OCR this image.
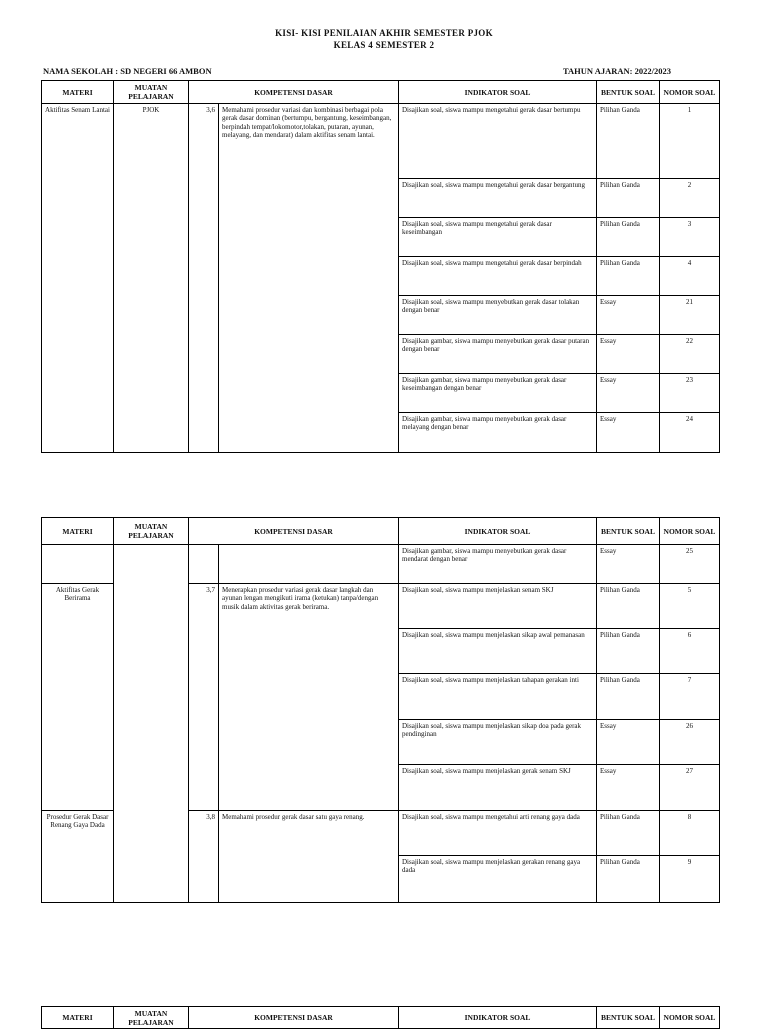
KISI- KISI PENILAIAN AKHIR SEMESTER PJOK
KELAS 4 SEMESTER 2
NAMA SEKOLAH : SD NEGERI 66 AMBON	TAHUN AJARAN: 2022/2023
MATERI	MUATAN PELAJARAN	KOMPETENSI DASAR		INDIKATOR SOAL	BENTUK SOAL	NOMOR SOAL
Aktifitas Senam Lantai	PJOK	3,6	Memahami prosedur variasi dan kombinasi berbagai pola gerak dasar dominan (bertumpu, bergantung, keseimbangan, berpindah tempat/lokomotor,tolakan, putaran, ayunan, melayang, dan mendarat) dalam aktifitas senam lantai.	Disajikan soal, siswa mampu mengetahui gerak dasar bertumpu	Pilihan Ganda	1
				Disajikan soal, siswa mampu mengetahui gerak dasar bergantung	Pilihan Ganda	2
				Disajikan soal, siswa mampu mengetahui gerak dasar keseimbangan	Pilihan Ganda	3
				Disajikan soal, siswa mampu mengetahui gerak dasar berpindah	Pilihan Ganda	4
				Disajikan soal, siswa mampu menyebutkan gerak dasar tolakan dengan benar	Essay	21
				Disajikan gambar, siswa mampu menyebutkan gerak dasar putaran dengan benar	Essay	22
				Disajikan gambar, siswa mampu menyebutkan gerak dasar keseimbangan dengan benar	Essay	23
				Disajikan gambar, siswa mampu menyebutkan gerak dasar melayang dengan benar	Essay	24
MATERI	MUATAN PELAJARAN	KOMPETENSI DASAR		INDIKATOR SOAL	BENTUK SOAL	NOMOR SOAL
				Disajikan gambar, siswa mampu menyebutkan gerak dasar mendarat dengan benar	Essay	25
Aktifitas Gerak Berirama		3,7	Menerapkan prosedur variasi gerak dasar langkah dan ayunan lengan mengikuti irama (ketukan) tanpa/dengan musik dalam aktivitas gerak berirama.	Disajikan soal, siswa mampu menjelaskan senam SKJ	Pilihan Ganda	5
				Disajikan soal, siswa mampu menjelaskan sikap awal pemanasan	Pilihan Ganda	6
				Disajikan soal, siswa mampu menjelaskan tahapan gerakan inti	Pilihan Ganda	7
				Disajikan soal, siswa mampu menjelaskan sikap doa pada gerak pendinginan	Essay	26
				Disajikan soal, siswa mampu menjelaskan gerak senam SKJ	Essay	27
Prosedur Gerak Dasar Renang Gaya Dada		3,8	Memahami prosedur gerak dasar satu gaya renang.	Disajikan soal, siswa mampu mengetahui arti renang gaya dada	Pilihan Ganda	8
				Disajikan soal, siswa mampu menjelaskan gerakan renang gaya dada	Pilihan Ganda	9
MATERI	MUATAN PELAJARAN	KOMPETENSI DASAR	INDIKATOR SOAL	BENTUK SOAL	NOMOR SOAL
